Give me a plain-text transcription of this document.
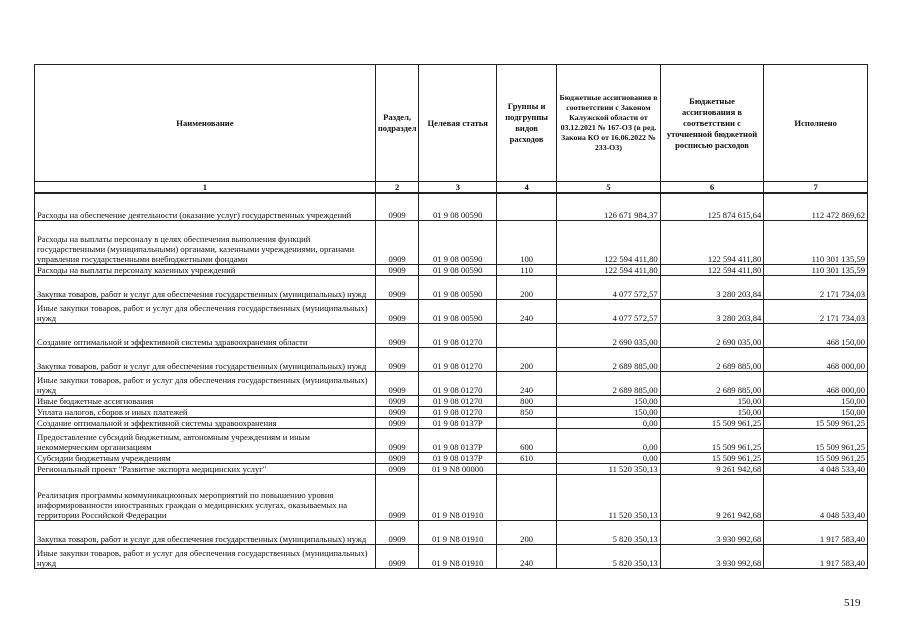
Наименование	Раздел, подраздел	Целевая статья	Группы и подгруппы видов расходов	Бюджетные ассигнования в соответствии с Законом Калужской области от 03.12.2021 № 167-ОЗ (в ред. Закона КО от 16.06.2022 № 233-ОЗ)	Бюджетные ассигнования в соответствии с уточненной бюджетной росписью расходов	Исполнено
1	2	3	4	5	6	7
Расходы на обеспечение деятельности (оказание услуг) государственных учреждений	0909	01 9 08 00590		126 671 984,37	125 874 615,64	112 472 869,62
Расходы на выплаты персоналу в целях обеспечения выполнения функций государственными (муниципальными) органами, казенными учреждениями, органами управления государственными внебюджетными фондами	0909	01 9 08 00590	100	122 594 411,80	122 594 411,80	110 301 135,59
Расходы на выплаты персоналу казенных учреждений	0909	01 9 08 00590	110	122 594 411,80	122 594 411,80	110 301 135,59
Закупка товаров, работ и услуг для обеспечения государственных (муниципальных) нужд	0909	01 9 08 00590	200	4 077 572,57	3 280 203,84	2 171 734,03
Иные закупки товаров, работ и услуг для обеспечения государственных (муниципальных) нужд	0909	01 9 08 00590	240	4 077 572,57	3 280 203,84	2 171 734,03
Создание оптимальной и эффективной системы здравоохранения области	0909	01 9 08 01270		2 690 035,00	2 690 035,00	468 150,00
Закупка товаров, работ и услуг для обеспечения государственных (муниципальных) нужд	0909	01 9 08 01270	200	2 689 885,00	2 689 885,00	468 000,00
Иные закупки товаров, работ и услуг для обеспечения государственных (муниципальных) нужд	0909	01 9 08 01270	240	2 689 885,00	2 689 885,00	468 000,00
Иные бюджетные ассигнования	0909	01 9 08 01270	800	150,00	150,00	150,00
Уплата налогов, сборов и иных платежей	0909	01 9 08 01270	850	150,00	150,00	150,00
Создание оптимальной и эффективной системы здравоохранения	0909	01 9 08 0137P		0,00	15 509 961,25	15 509 961,25
Предоставление субсидий бюджетным, автономным учреждениям и иным некоммерческим организациям	0909	01 9 08 0137P	600	0,00	15 509 961,25	15 509 961,25
Субсидии бюджетным учреждениям	0909	01 9 08 0137P	610	0,00	15 509 961,25	15 509 961,25
Региональный проект "Развитие экспорта медицинских услуг"	0909	01 9 N8 00000		11 520 350,13	9 261 942,68	4 048 533,40
Реализация программы коммуникационных мероприятий по повышению уровня информированности иностранных граждан о медицинских услугах, оказываемых на территории Российской Федерации	0909	01 9 N8 01910		11 520 350,13	9 261 942,68	4 048 533,40
Закупка товаров, работ и услуг для обеспечения государственных (муниципальных) нужд	0909	01 9 N8 01910	200	5 820 350,13	3 930 992,68	1 917 583,40
Иные закупки товаров, работ и услуг для обеспечения государственных (муниципальных) нужд	0909	01 9 N8 01910	240	5 820 350,13	3 930 992,68	1 917 583,40
519
